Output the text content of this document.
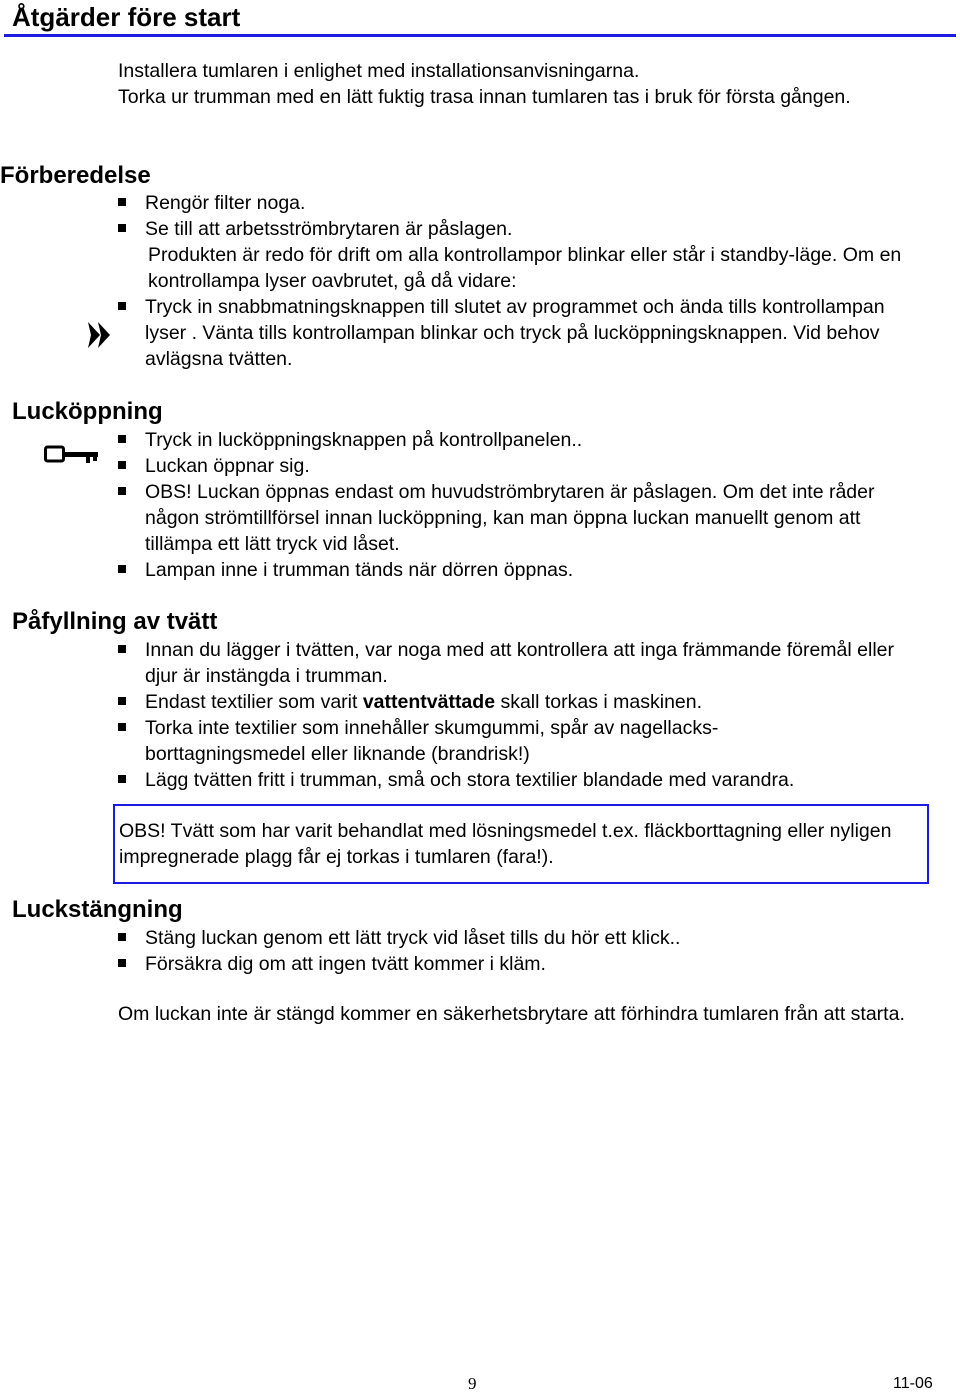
Åtgärder före start
Installera tumlaren i enlighet med installationsanvisningarna.
Torka ur trumman med en lätt fuktig trasa innan tumlaren tas i bruk för första gången.
Förberedelse
Rengör filter noga.
Se till att arbetsströmbrytaren är påslagen.
Produkten är redo för drift om alla kontrollampor blinkar eller står i standby-läge. Om en kontrollampa lyser oavbrutet, gå då vidare:
Tryck in snabbmatningsknappen till slutet av programmet och ända tills kontrollampan lyser . Vänta tills kontrollampan blinkar och tryck på lucköppningsknappen. Vid behov avlägsna tvätten.
Lucköppning
Tryck in lucköppningsknappen på kontrollpanelen..
Luckan öppnar sig.
OBS! Luckan öppnas endast om huvudströmbrytaren är påslagen. Om det inte råder någon strömtillförsel innan lucköppning, kan man öppna luckan manuellt genom att tillämpa ett lätt tryck vid låset.
Lampan inne i trumman tänds när dörren öppnas.
Påfyllning av tvätt
Innan du lägger i tvätten, var noga med att kontrollera att inga främmande föremål eller djur är instängda i trumman.
Endast textilier som varit vattentvättade skall torkas i maskinen.
Torka inte textilier som innehåller skumgummi, spår av nagellacks-borttagningsmedel eller liknande (brandrisk!)
Lägg tvätten fritt i trumman, små och stora textilier blandade med varandra.
OBS! Tvätt som har varit behandlat med lösningsmedel t.ex. fläckborttagning eller nyligen impregnerade plagg får ej torkas i tumlaren (fara!).
Luckstängning
Stäng luckan genom ett lätt tryck vid låset tills du hör ett klick..
Försäkra dig om att ingen tvätt kommer i kläm.
Om luckan inte är stängd kommer en säkerhetsbrytare att förhindra tumlaren från att starta.
9	11-06
